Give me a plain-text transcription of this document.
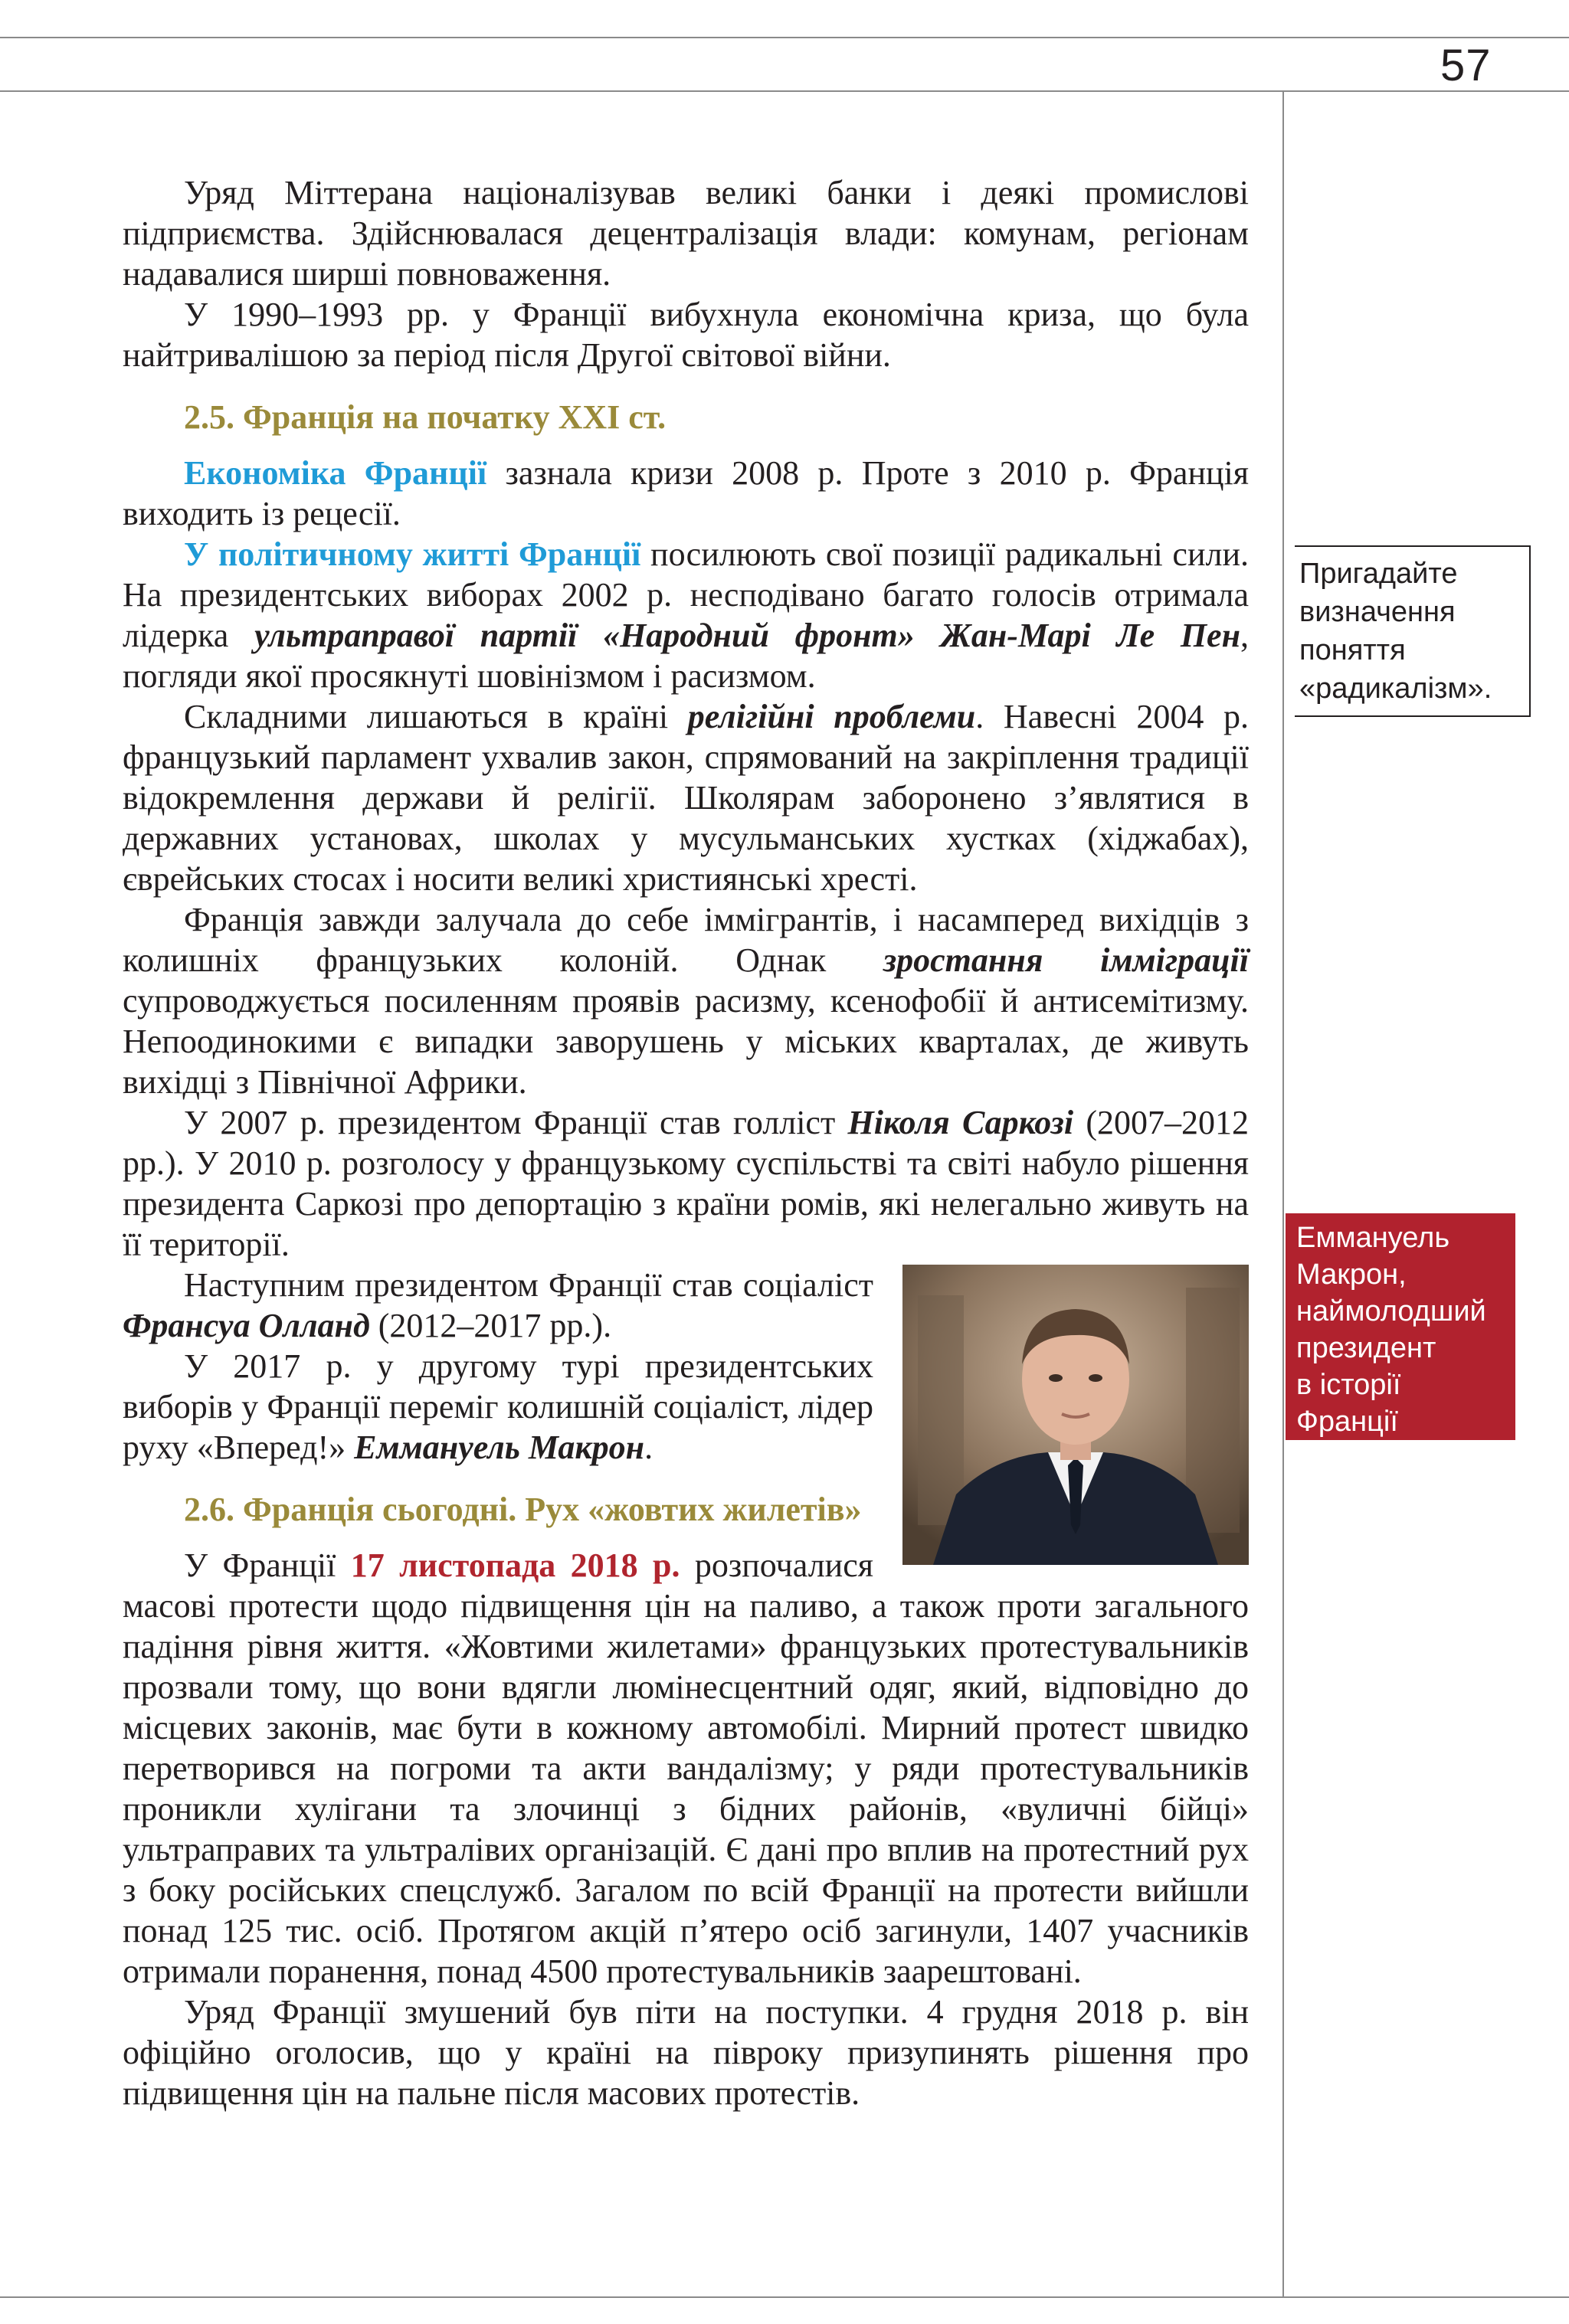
57
Пригадайте
визначення
поняття
«радикалізм».
Еммануель
Макрон,
наймолодший
президент
в історії
Франції

Уряд Міттерана націоналізував великі банки і деякі промислові підприємства. Здійснювалася децентралізація влади: комунам, регіонам надавалися ширші повноваження.

У 1990–1993 рр. у Франції вибухнула економічна криза, що була найтривалішою за період після Другої світової війни.

2.5. Франція на початку XXI ст.

Економіка Франції зазнала кризи 2008 р. Проте з 2010 р. Франція виходить із рецесії.

У політичному житті Франції посилюють свої позиції радикальні сили. На президентських виборах 2002 р. несподівано багато голосів отримала лідерка ультраправої партії «Народний фронт» Жан-Марі Ле Пен, погляди якої просякнуті шовінізмом і расизмом.

Складними лишаються в країні релігійні проблеми. Навесні 2004 р. французький парламент ухвалив закон, спрямований на закріплення традиції відокремлення держави й релігії. Школярам заборонено з’являтися в державних установах, школах у мусульманських хустках (хіджабах), єврейських стосах і носити великі християнські хресті.

Франція завжди залучала до себе іммігрантів, і насамперед вихідців з колишніх французьких колоній. Однак зростання імміграції супроводжується посиленням проявів расизму, ксенофобії й антисемітизму. Непоодинокими є випадки заворушень у міських кварталах, де живуть вихідці з Північної Африки.

У 2007 р. президентом Франції став голліст Ніколя Саркозі (2007–2012 рр.). У 2010 р. розголосу у французькому суспільстві та світі набуло рішення президента Саркозі про депортацію з країни ромів, які нелегально живуть на її території.

Наступним президентом Франції став соціаліст Франсуа Олланд (2012–2017 рр.).

У 2017 р. у другому турі президентських виборів у Франції переміг колишній соціаліст, лідер руху «Вперед!» Еммануель Макрон.

2.6. Франція сьогодні. Рух «жовтих жилетів»

У Франції 17 листопада 2018 р. розпочалися масові протести щодо підвищення цін на паливо, а також проти загального падіння рівня життя. «Жовтими жилетами» французьких протестувальників прозвали тому, що вони вдягли люмінесцентний одяг, який, відповідно до місцевих законів, має бути в кожному автомобілі. Мирний протест швидко перетворився на погроми та акти вандалізму; у ряди протестувальників проникли хулігани та злочинці з бідних районів, «вуличні бійці» ультраправих та ультралівих організацій. Є дані про вплив на протестний рух з боку російських спецслужб. Загалом по всій Франції на протести вийшли понад 125 тис. осіб. Протягом акцій п’ятеро осіб загинули, 1407 учасників отримали поранення, понад 4500 протестувальників заарештовані.

Уряд Франції змушений був піти на поступки. 4 грудня 2018 р. він офіційно оголосив, що у країні на півроку призупинять рішення про підвищення цін на пальне після масових протестів.
